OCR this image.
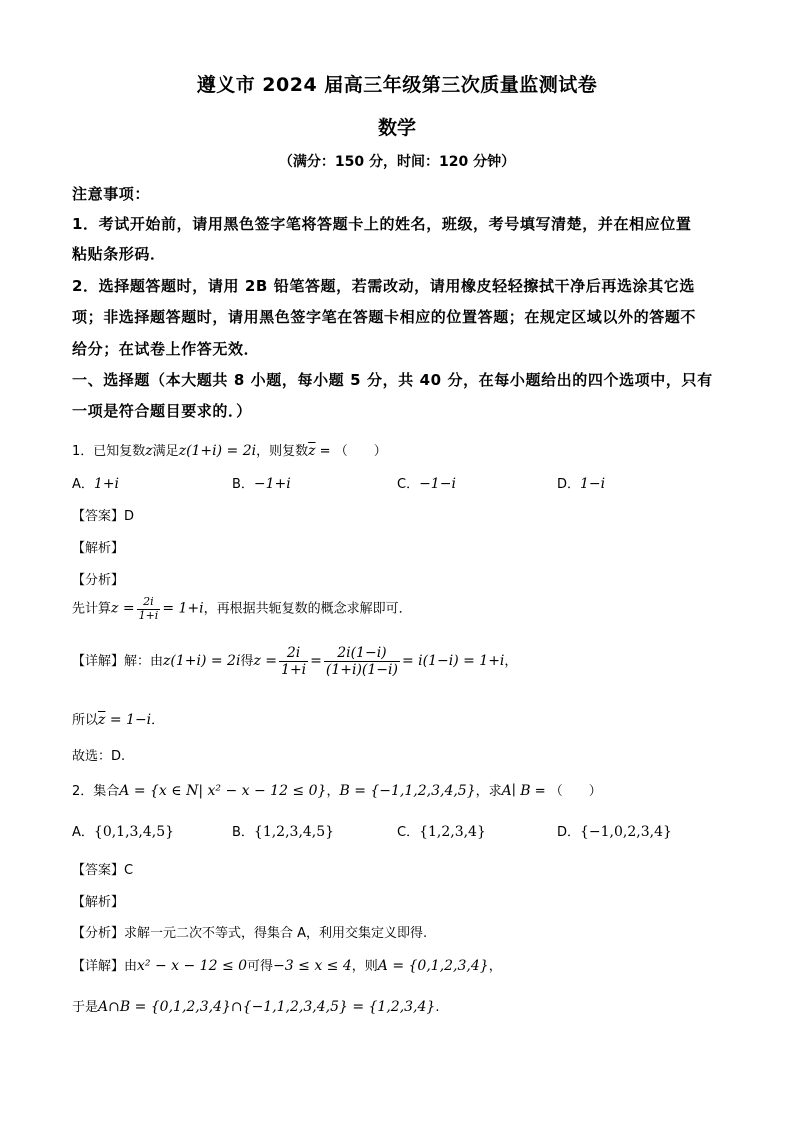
遵义市 2024 届高三年级第三次质量监测试卷
数学
（满分：150 分，时间：120 分钟）
注意事项：
1．考试开始前，请用黑色签字笔将答题卡上的姓名，班级，考号填写清楚，并在相应位置
粘贴条形码．
2．选择题答题时，请用 2B 铅笔答题，若需改动，请用橡皮轻轻擦拭干净后再选涂其它选
项；非选择题答题时，请用黑色签字笔在答题卡相应的位置答题；在规定区域以外的答题不
给分；在试卷上作答无效．
一、选择题（本大题共 8 小题，每小题 5 分，共 40 分，在每小题给出的四个选项中，只有
一项是符合题目要求的．）
1．已知复数z满足z(1+i) = 2i，则复数$\overline{z}$ = （　　）
A．1+i	B．−1+i	C．−1−i	D．1−i
【答案】D
【解析】
【分析】
先计算$z = \frac{2i}{1+i} = 1+i$，再根据共轭复数的概念求解即可．
【详解】解：由z(1+i) = 2i得$z = \frac{2i}{1+i} = \frac{2i(1-i)}{(1+i)(1-i)} = i(1-i) = 1+i$，
所以$\overline{z} = 1-i$．
故选：D.
2．集合A = {x ∈ N| x² − x − 12 ≤ 0}，B = {−1,1,2,3,4,5}，求A∣ B = （　　）
A．{0,1,3,4,5}	B．{1,2,3,4,5}	C．{1,2,3,4}	D．{−1,0,2,3,4}
【答案】C
【解析】
【分析】求解一元二次不等式，得集合 A，利用交集定义即得.
【详解】由x² − x − 12 ≤ 0可得−3 ≤ x ≤ 4，则A = {0,1,2,3,4}，
于是A∩B = {0,1,2,3,4}∩{−1,1,2,3,4,5} = {1,2,3,4}.
